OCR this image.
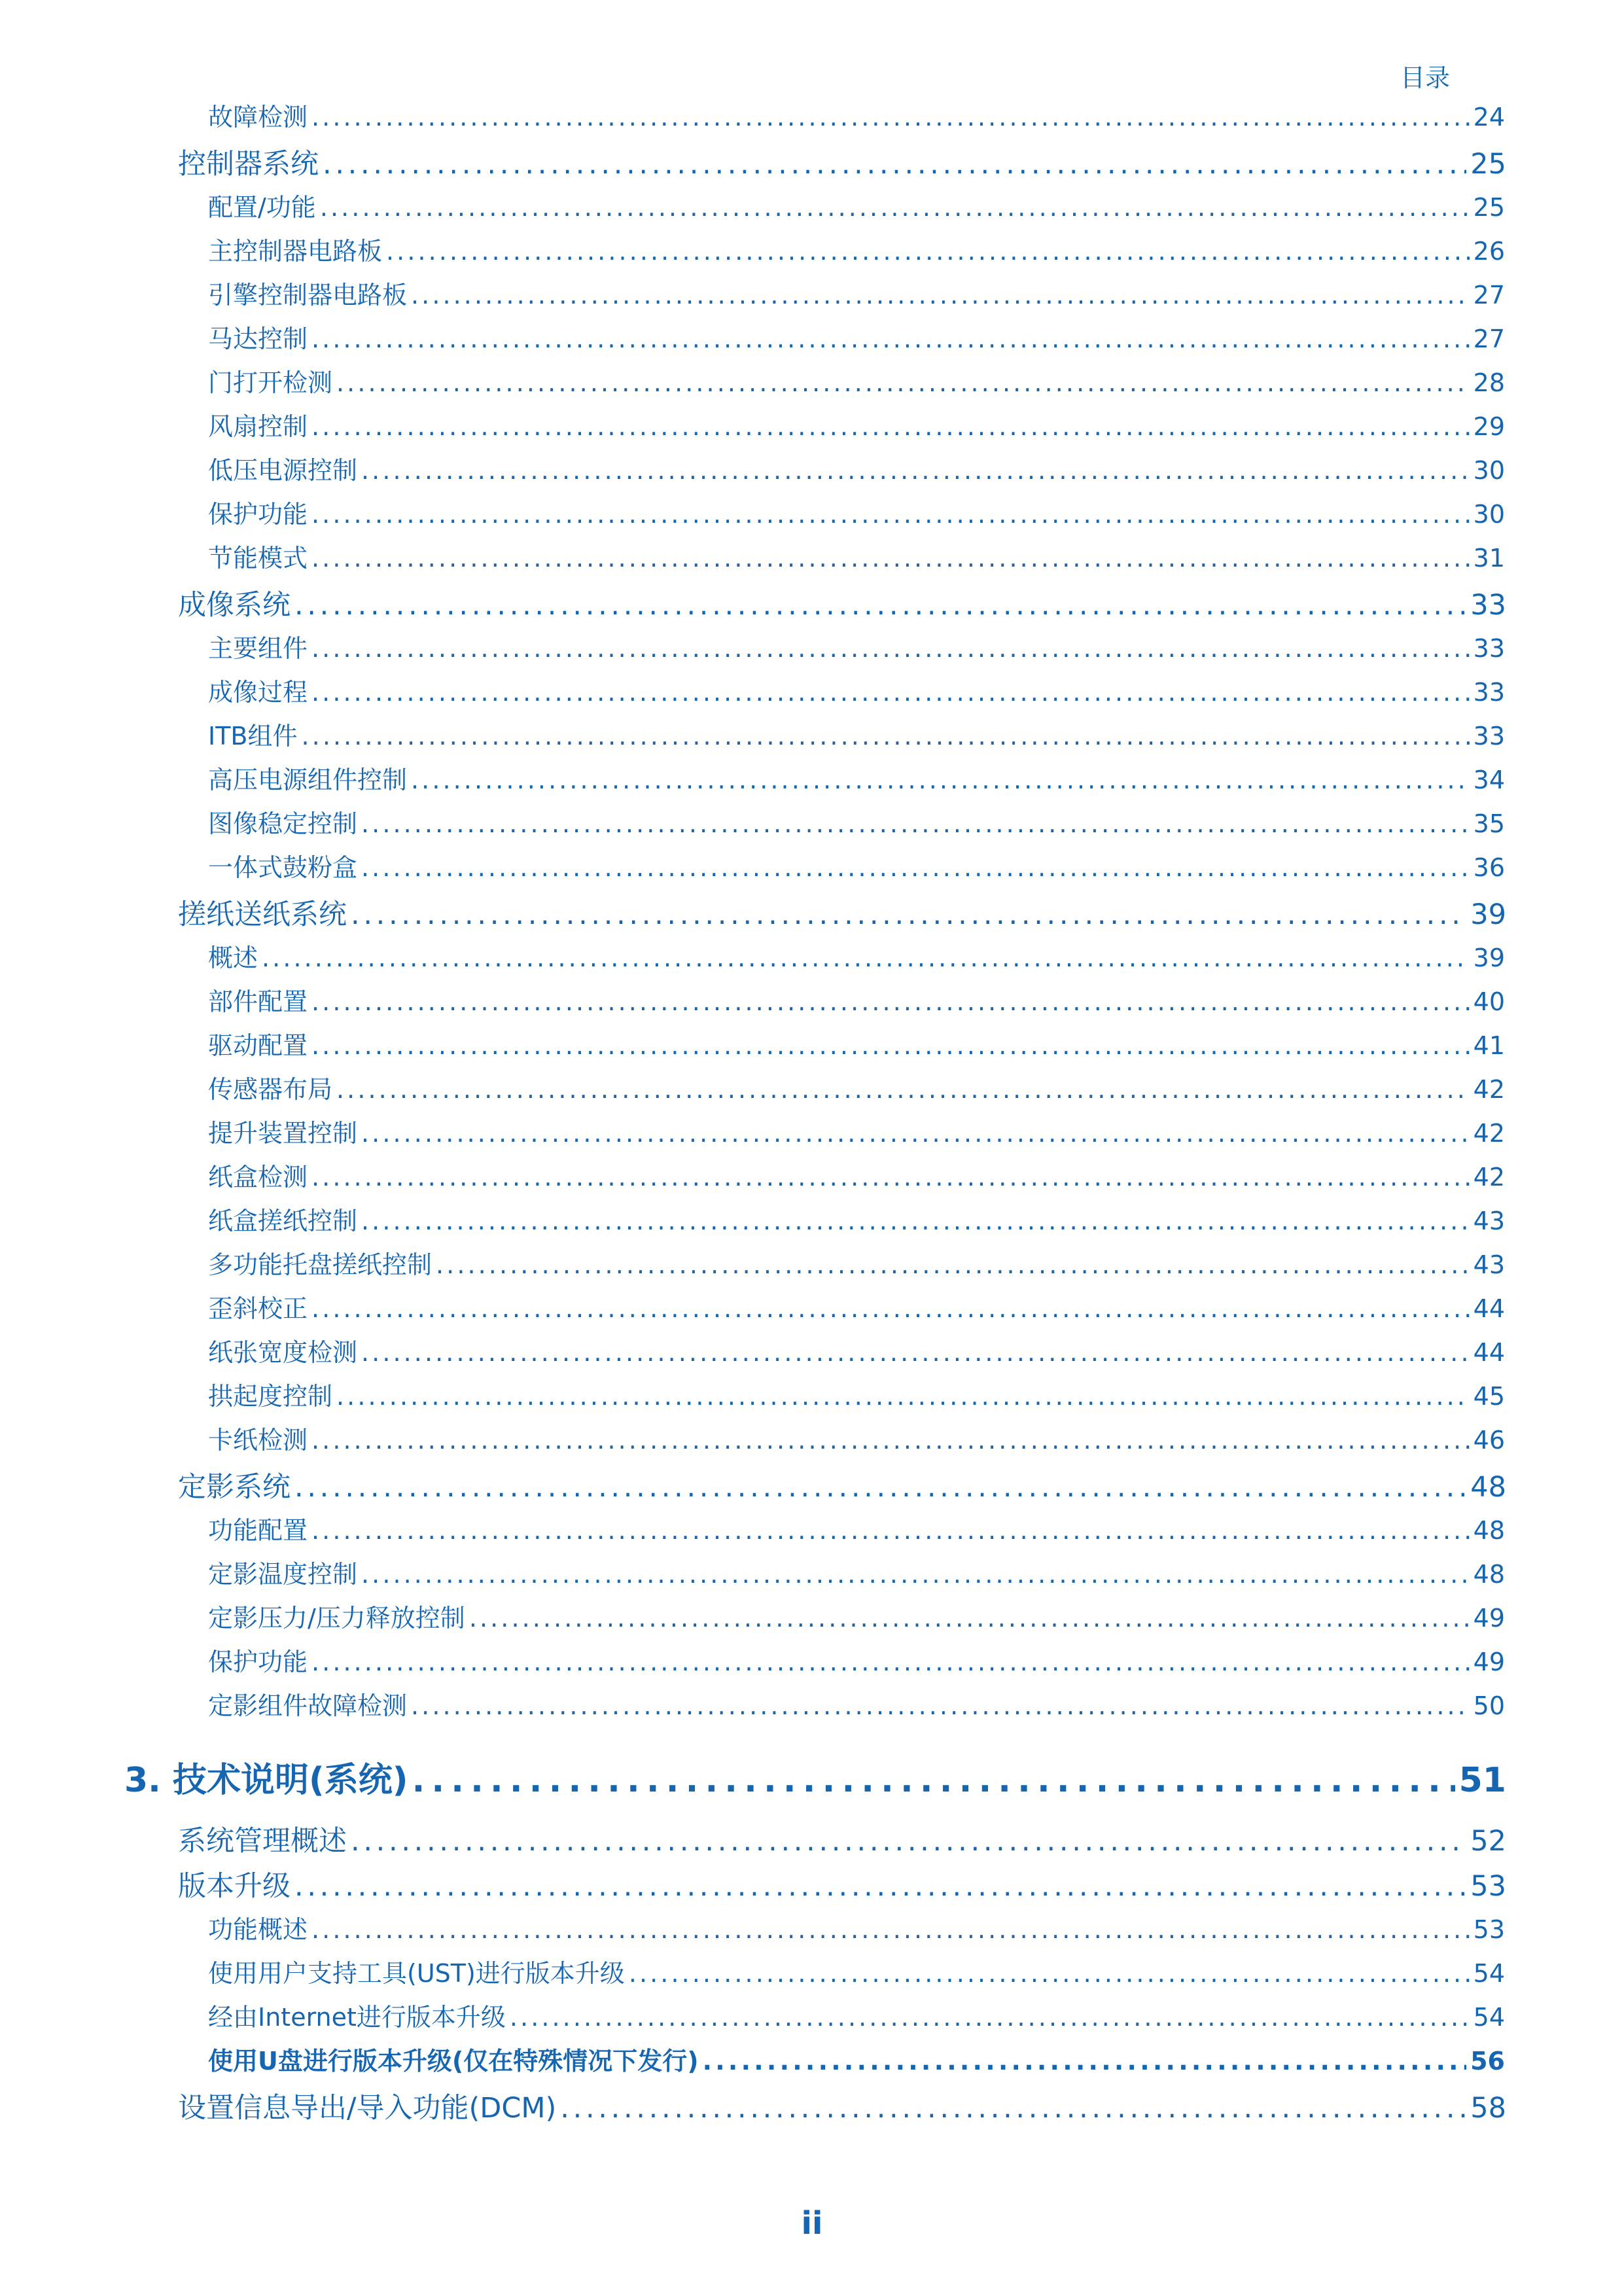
目录
故障检测 . . .	24
控制器系统 . . .	25
配置/功能 . . .	25
主控制器电路板 . . .	26
引擎控制器电路板 . . .	27
马达控制 . . .	27
门打开检测 . . .	28
风扇控制 . . .	29
低压电源控制 . . .	30
保护功能 . . .	30
节能模式 . . .	31
成像系统 . . .	33
主要组件 . . .	33
成像过程 . . .	33
ITB组件 . . .	33
高压电源组件控制 . . .	34
图像稳定控制 . . .	35
一体式鼓粉盒 . . .	36
搓纸送纸系统 . . .	39
概述 . . .	39
部件配置 . . .	40
驱动配置 . . .	41
传感器布局 . . .	42
提升装置控制 . . .	42
纸盒检测 . . .	42
纸盒搓纸控制 . . .	43
多功能托盘搓纸控制 . . .	43
歪斜校正 . . .	44
纸张宽度检测 . . .	44
拱起度控制 . . .	45
卡纸检测 . . .	46
定影系统 . . .	48
功能配置 . . .	48
定影温度控制 . . .	48
定影压力/压力释放控制 . . .	49
保护功能 . . .	49
定影组件故障检测 . . .	50
3. 技术说明(系统) . . .	51
系统管理概述 . . .	52
版本升级 . . .	53
功能概述 . . .	53
使用用户支持工具(UST)进行版本升级 . . .	54
经由Internet进行版本升级 . . .	54
使用U盘进行版本升级(仅在特殊情况下发行) . . .	56
设置信息导出/导入功能(DCM) . . .	58
ii
